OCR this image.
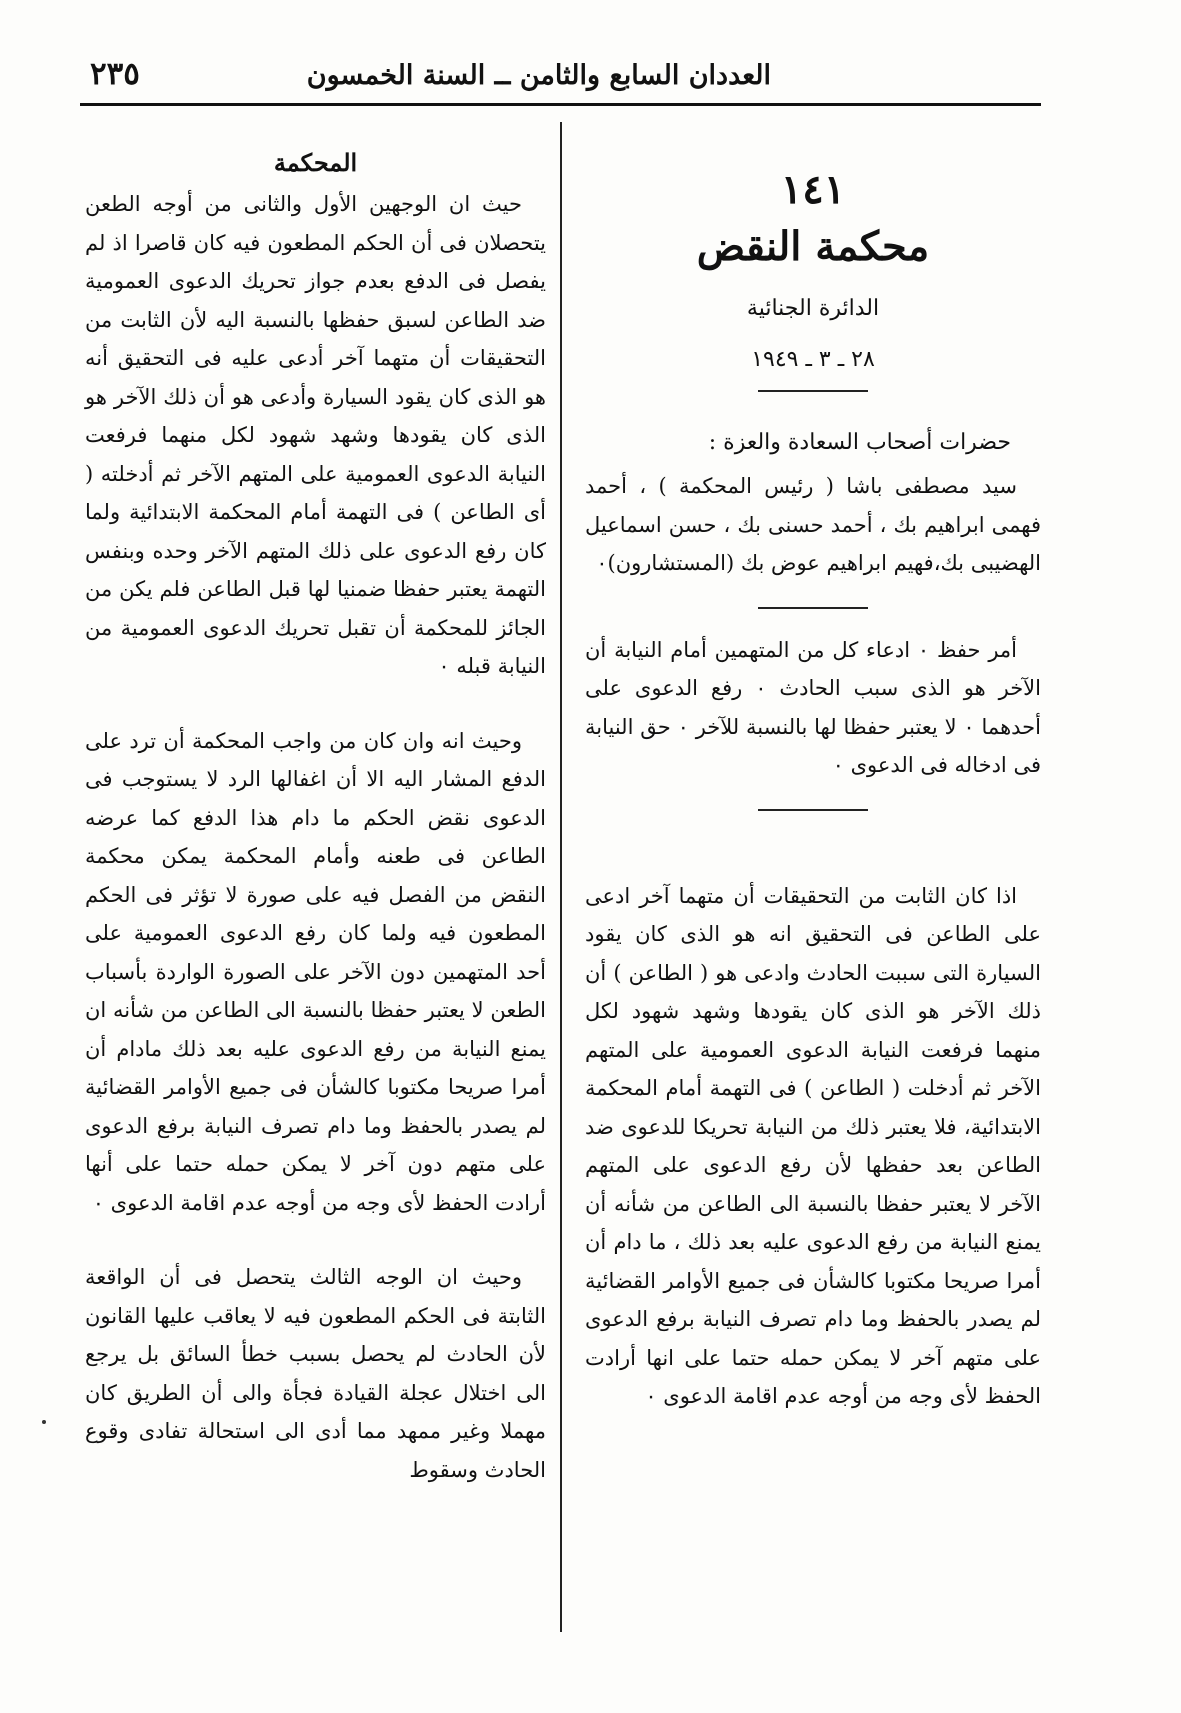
العددان السابع والثامن ــ السنة الخمسون
٢٣٥
١٤١
محكمة النقض
الدائرة الجنائية
٢٨ ـ ٣ ـ ١٩٤٩
حضرات أصحاب السعادة والعزة :
سيد مصطفى باشا ( رئيس المحكمة ) ، أحمد فهمى ابراهيم بك ، أحمد حسنى بك ، حسن اسماعيل الهضيبى بك،فهيم ابراهيم عوض بك (المستشارون)٠
أمر حفظ ٠ ادعاء كل من المتهمين أمام النيابة أن الآخر هو الذى سبب الحادث ٠ رفع الدعوى على أحدهما ٠ لا يعتبر حفظا لها بالنسبة للآخر ٠ حق النيابة فى ادخاله فى الدعوى ٠
اذا كان الثابت من التحقيقات أن متهما آخر ادعى على الطاعن فى التحقيق انه هو الذى كان يقود السيارة التى سببت الحادث وادعى هو ( الطاعن ) أن ذلك الآخر هو الذى كان يقودها وشهد شهود لكل منهما فرفعت النيابة الدعوى العمومية على المتهم الآخر ثم أدخلت ( الطاعن ) فى التهمة أمام المحكمة الابتدائية، فلا يعتبر ذلك من النيابة تحريكا للدعوى ضد الطاعن بعد حفظها لأن رفع الدعوى على المتهم الآخر لا يعتبر حفظا بالنسبة الى الطاعن من شأنه أن يمنع النيابة من رفع الدعوى عليه بعد ذلك ، ما دام أن أمرا صريحا مكتوبا كالشأن فى جميع الأوامر القضائية لم يصدر بالحفظ وما دام تصرف النيابة برفع الدعوى على متهم آخر لا يمكن حمله حتما على انها أرادت الحفظ لأى وجه من أوجه عدم اقامة الدعوى ٠
المحكمة
حيث ان الوجهين الأول والثانى من أوجه الطعن يتحصلان فى أن الحكم المطعون فيه كان قاصرا اذ لم يفصل فى الدفع بعدم جواز تحريك الدعوى العمومية ضد الطاعن لسبق حفظها بالنسبة اليه لأن الثابت من التحقيقات أن متهما آخر أدعى عليه فى التحقيق أنه هو الذى كان يقود السيارة وأدعى هو أن ذلك الآخر هو الذى كان يقودها وشهد شهود لكل منهما فرفعت النيابة الدعوى العمومية على المتهم الآخر ثم أدخلته ( أى الطاعن ) فى التهمة أمام المحكمة الابتدائية ولما كان رفع الدعوى على ذلك المتهم الآخر وحده وبنفس التهمة يعتبر حفظا ضمنيا لها قبل الطاعن فلم يكن من الجائز للمحكمة أن تقبل تحريك الدعوى العمومية من النيابة قبله ٠
وحيث انه وان كان من واجب المحكمة أن ترد على الدفع المشار اليه الا أن اغفالها الرد لا يستوجب فى الدعوى نقض الحكم ما دام هذا الدفع كما عرضه الطاعن فى طعنه وأمام المحكمة يمكن محكمة النقض من الفصل فيه على صورة لا تؤثر فى الحكم المطعون فيه ولما كان رفع الدعوى العمومية على أحد المتهمين دون الآخر على الصورة الواردة بأسباب الطعن لا يعتبر حفظا بالنسبة الى الطاعن من شأنه ان يمنع النيابة من رفع الدعوى عليه بعد ذلك مادام أن أمرا صريحا مكتوبا كالشأن فى جميع الأوامر القضائية لم يصدر بالحفظ وما دام تصرف النيابة برفع الدعوى على متهم دون آخر لا يمكن حمله حتما على أنها أرادت الحفظ لأى وجه من أوجه عدم اقامة الدعوى ٠
وحيث ان الوجه الثالث يتحصل فى أن الواقعة الثابتة فى الحكم المطعون فيه لا يعاقب عليها القانون لأن الحادث لم يحصل بسبب خطأ السائق بل يرجع الى اختلال عجلة القيادة فجأة والى أن الطريق كان مهملا وغير ممهد مما أدى الى استحالة تفادى وقوع الحادث وسقوط
